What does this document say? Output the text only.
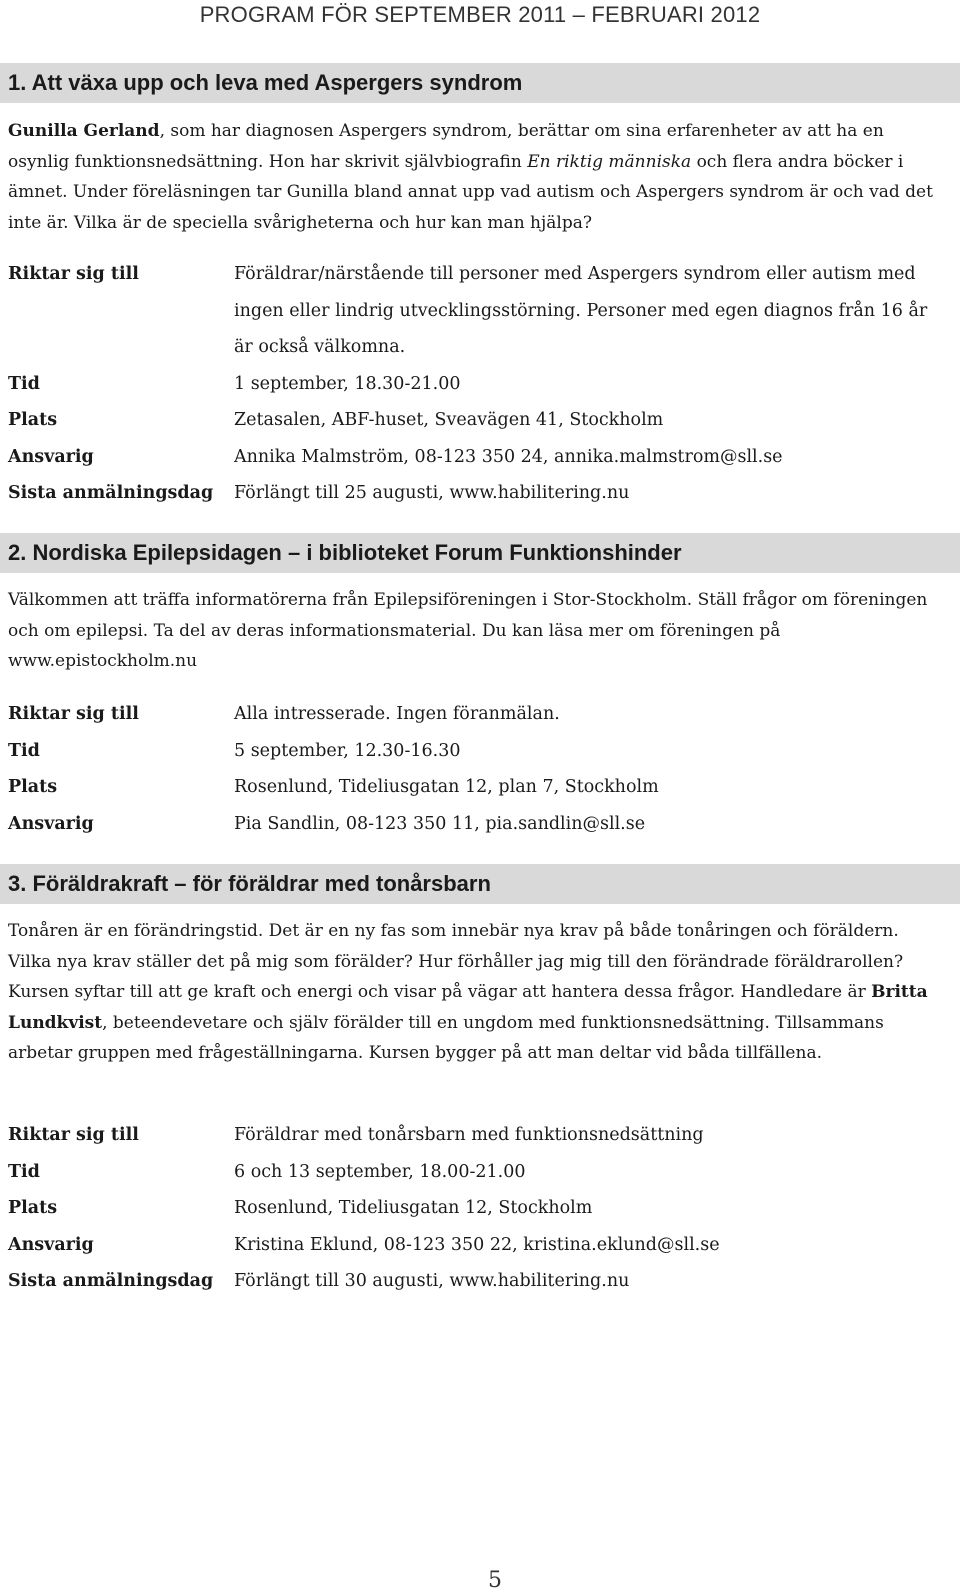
PROGRAM FÖR SEPTEMBER 2011 – FEBRUARI 2012
1. Att växa upp och leva med Aspergers syndrom

Gunilla Gerland, som har diagnosen Aspergers syndrom, berättar om sina erfarenheter av att ha en osynlig funktionsnedsättning. Hon har skrivit självbiografin En riktig människa och flera andra böcker i ämnet. Under föreläsningen tar Gunilla bland annat upp vad autism och Aspergers syndrom är och vad det inte är. Vilka är de speciella svårigheterna och hur kan man hjälpa?

Riktar sig till	Föräldrar/närstående till personer med Aspergers syndrom eller autism med ingen eller lindrig utvecklingsstörning. Personer med egen diagnos från 16 år är också välkomna.
Tid	1 september, 18.30-21.00
Plats	Zetasalen, ABF-huset, Sveavägen 41, Stockholm
Ansvarig	Annika Malmström, 08-123 350 24, annika.malmstrom@sll.se
Sista anmälningsdag	Förlängt till 25 augusti, www.habilitering.nu
2. Nordiska Epilepsidagen – i biblioteket Forum Funktionshinder

Välkommen att träffa informatörerna från Epilepsiföreningen i Stor-Stockholm. Ställ frågor om föreningen och om epilepsi. Ta del av deras informationsmaterial. Du kan läsa mer om föreningen på www.epistockholm.nu

Riktar sig till	Alla intresserade. Ingen föranmälan.
Tid	5 september, 12.30-16.30
Plats	Rosenlund, Tideliusgatan 12, plan 7, Stockholm
Ansvarig	Pia Sandlin, 08-123 350 11, pia.sandlin@sll.se
3. Föräldrakraft – för föräldrar med tonårsbarn

Tonåren är en förändringstid. Det är en ny fas som innebär nya krav på både tonåringen och föräldern. Vilka nya krav ställer det på mig som förälder? Hur förhåller jag mig till den förändrade föräldrarollen? Kursen syftar till att ge kraft och energi och visar på vägar att hantera dessa frågor. Handledare är Britta Lundkvist, beteendevetare och själv förälder till en ungdom med funktionsnedsättning. Tillsammans arbetar gruppen med frågeställningarna. Kursen bygger på att man deltar vid båda tillfällena.

Riktar sig till	Föräldrar med tonårsbarn med funktionsnedsättning
Tid	6 och 13 september, 18.00-21.00
Plats	Rosenlund, Tideliusgatan 12, Stockholm
Ansvarig	Kristina Eklund, 08-123 350 22, kristina.eklund@sll.se
Sista anmälningsdag	Förlängt till 30 augusti, www.habilitering.nu
5
